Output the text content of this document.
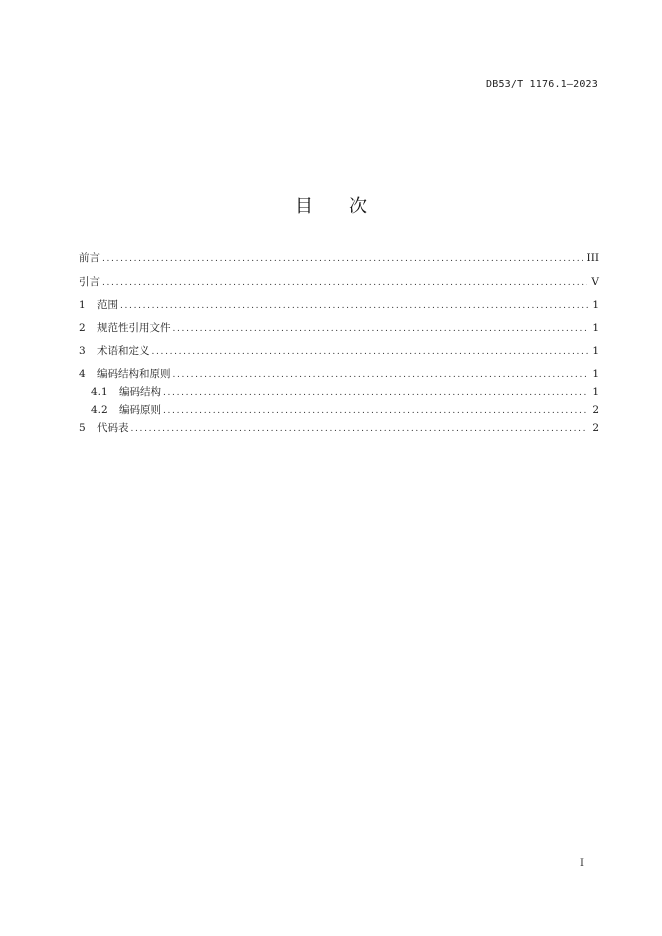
DB53/T 1176.1—2023
目 次
前言 . . .	III
引言 . . .	V
1 范围 . . .	1
2 规范性引用文件 . . .	1
3 术语和定义 . . .	1
4 编码结构和原则 . . .	1
4.1 编码结构 . . .	1
4.2 编码原则 . . .	2
5 代码表 . . .	2
I
